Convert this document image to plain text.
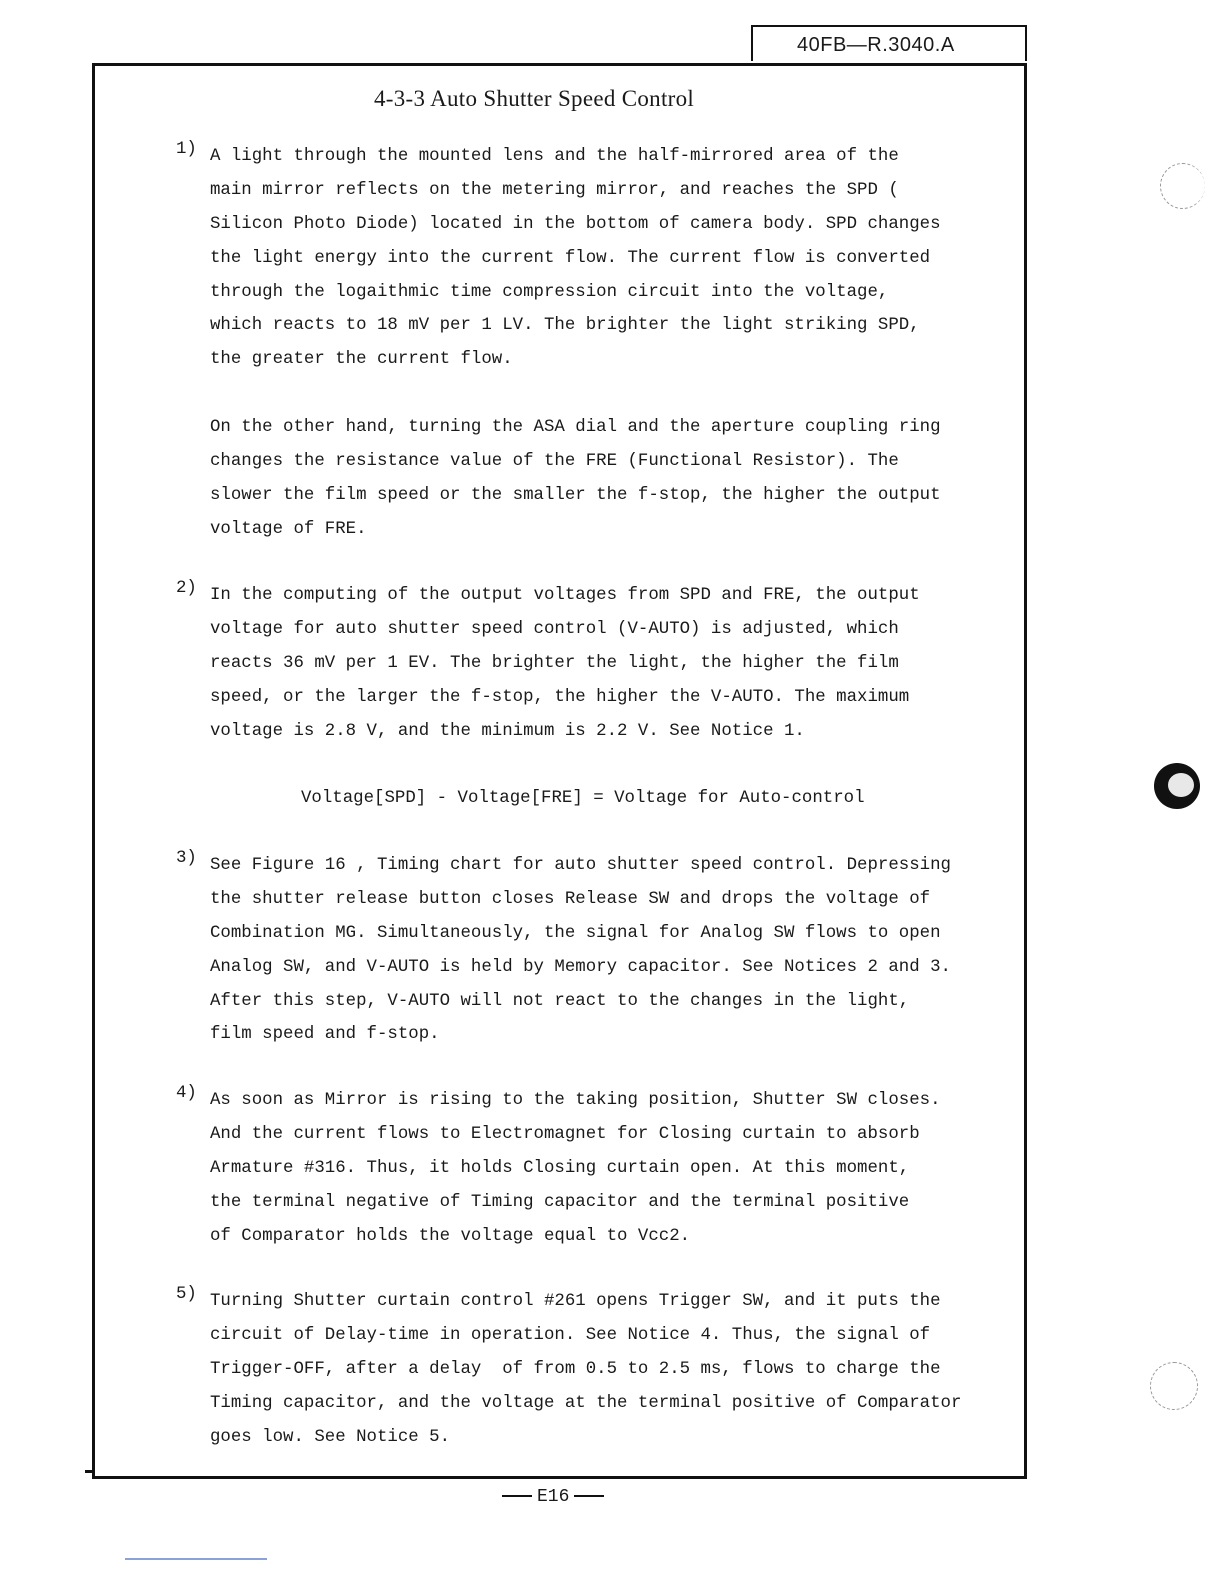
40FB—R.3040.A
4-3-3 Auto Shutter Speed Control
1) A light through the mounted lens and the half-mirrored area of the
main mirror reflects on the metering mirror, and reaches the SPD (
Silicon Photo Diode) located in the bottom of camera body. SPD changes
the light energy into the current flow. The current flow is converted
through the logaithmic time compression circuit into the voltage,
which reacts to 18 mV per 1 LV. The brighter the light striking SPD,
the greater the current flow.
On the other hand, turning the ASA dial and the aperture coupling ring
changes the resistance value of the FRE (Functional Resistor). The
slower the film speed or the smaller the f-stop, the higher the output
voltage of FRE.
2) In the computing of the output voltages from SPD and FRE, the output
voltage for auto shutter speed control (V-AUTO) is adjusted, which
reacts 36 mV per 1 EV. The brighter the light, the higher the film
speed, or the larger the f-stop, the higher the V-AUTO. The maximum
voltage is 2.8 V, and the minimum is 2.2 V. See Notice 1.
Voltage[SPD] - Voltage[FRE] = Voltage for Auto-control
3) See Figure 16 , Timing chart for auto shutter speed control. Depressing
the shutter release button closes Release SW and drops the voltage of
Combination MG. Simultaneously, the signal for Analog SW flows to open
Analog SW, and V-AUTO is held by Memory capacitor. See Notices 2 and 3.
After this step, V-AUTO will not react to the changes in the light,
film speed and f-stop.
4) As soon as Mirror is rising to the taking position, Shutter SW closes.
And the current flows to Electromagnet for Closing curtain to absorb
Armature #316. Thus, it holds Closing curtain open. At this moment,
the terminal negative of Timing capacitor and the terminal positive
of Comparator holds the voltage equal to Vcc2.
5) Turning Shutter curtain control #261 opens Trigger SW, and it puts the
circuit of Delay-time in operation. See Notice 4. Thus, the signal of
Trigger-OFF, after a delay  of from 0.5 to 2.5 ms, flows to charge the
Timing capacitor, and the voltage at the terminal positive of Comparator
goes low. See Notice 5.
E16
